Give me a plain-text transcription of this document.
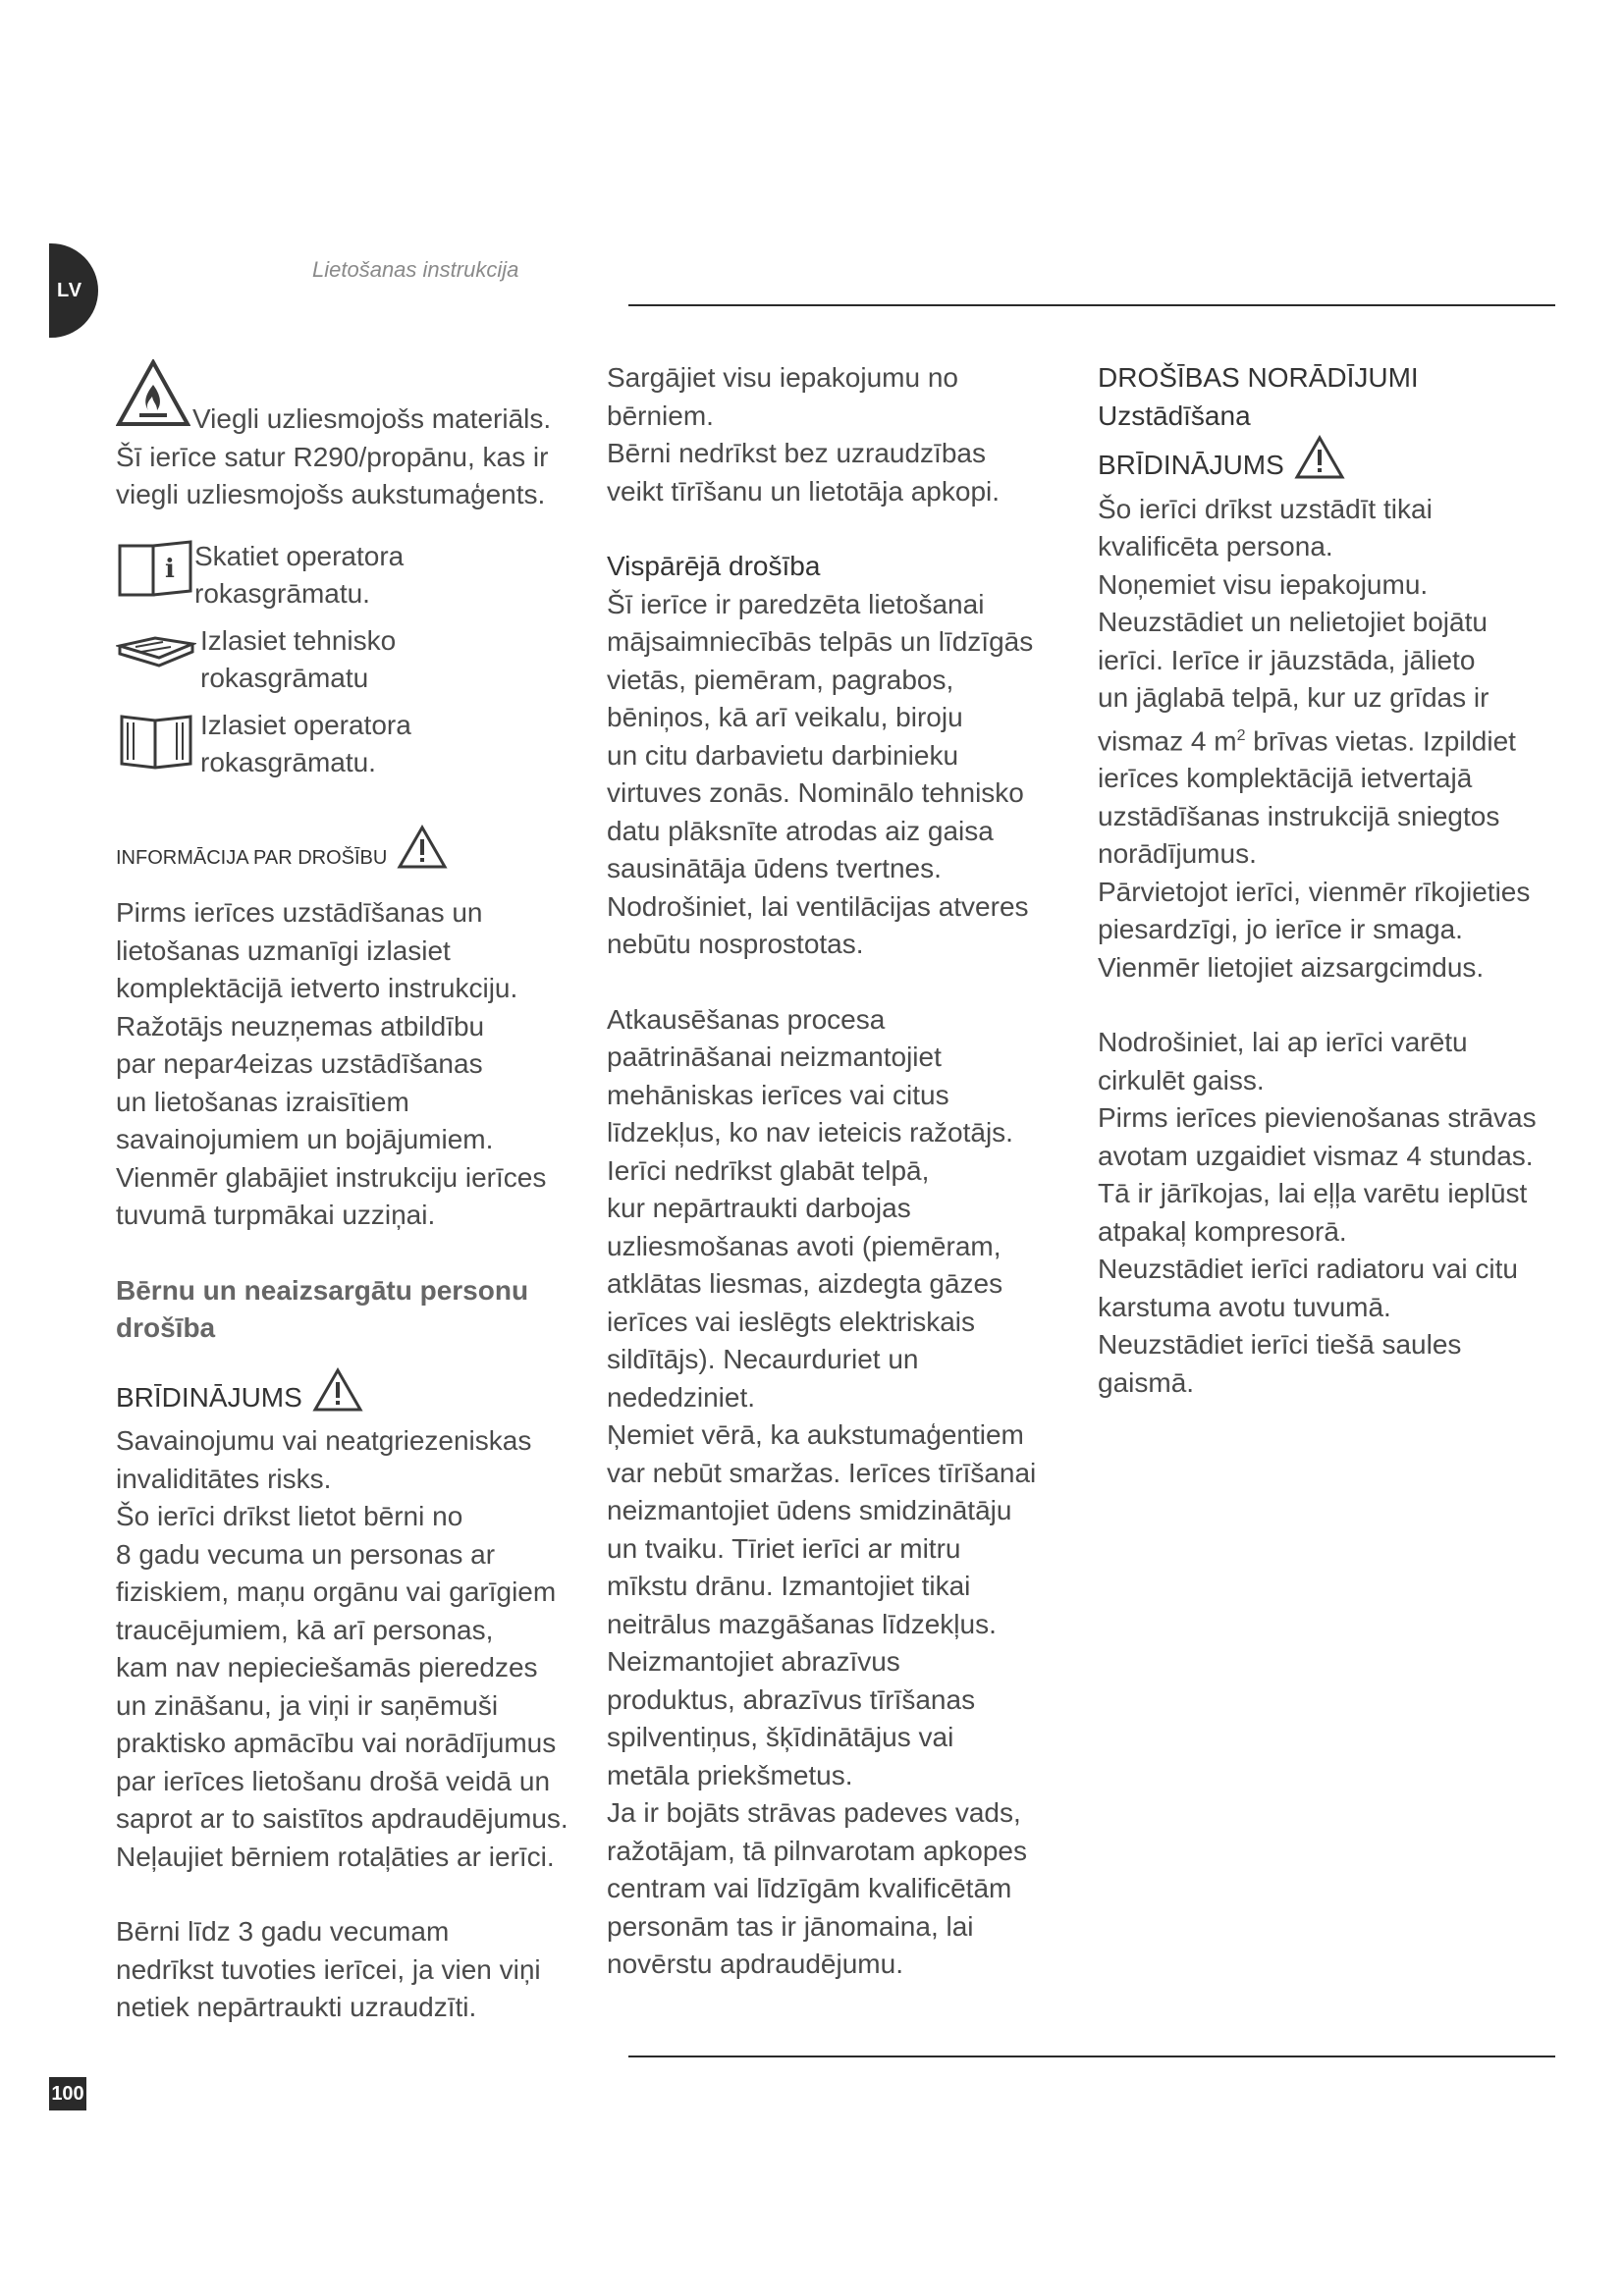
LV
Lietošanas instrukcija

Viegli uzliesmojošs materiāls.

Šī ierīce satur R290/propānu, kas ir
viegli uzliesmojošs aukstumaģents.

i Skatiet operatora
rokasgrāmatu.

Izlasiet tehnisko
rokasgrāmatu

Izlasiet operatora
rokasgrāmatu.

INFORMĀCIJA PAR DROŠĪBU

Pirms ierīces uzstādīšanas un
lietošanas uzmanīgi izlasiet
komplektācijā ietverto instrukciju.
Ražotājs neuzņemas atbildību
par nepar4eizas uzstādīšanas
un lietošanas izraisītiem
savainojumiem un bojājumiem.
Vienmēr glabājiet instrukciju ierīces
tuvumā turpmākai uzziņai.

Bērnu un neaizsargātu personu
drošība

BRĪDINĀJUMS

Savainojumu vai neatgriezeniskas
invaliditātes risks.
Šo ierīci drīkst lietot bērni no
8 gadu vecuma un personas ar
fiziskiem, maņu orgānu vai garīgiem
traucējumiem, kā arī personas,
kam nav nepieciešamās pieredzes
un zināšanu, ja viņi ir saņēmuši
praktisko apmācību vai norādījumus
par ierīces lietošanu drošā veidā un
saprot ar to saistītos apdraudējumus.
Neļaujiet bērniem rotaļāties ar ierīci.

Bērni līdz 3 gadu vecumam
nedrīkst tuvoties ierīcei, ja vien viņi
netiek nepārtraukti uzraudzīti.

Sargājiet visu iepakojumu no
bērniem.
Bērni nedrīkst bez uzraudzības
veikt tīrīšanu un lietotāja apkopi.

Vispārējā drošība

Šī ierīce ir paredzēta lietošanai
mājsaimniecībās telpās un līdzīgās
vietās, piemēram, pagrabos,
bēniņos, kā arī veikalu, biroju
un citu darbavietu darbinieku
virtuves zonās. Nominālo tehnisko
datu plāksnīte atrodas aiz gaisa
sausinātāja ūdens tvertnes.
Nodrošiniet, lai ventilācijas atveres
nebūtu nosprostotas.

Atkausēšanas procesa
paātrināšanai neizmantojiet
mehāniskas ierīces vai citus
līdzekļus, ko nav ieteicis ražotājs.
Ierīci nedrīkst glabāt telpā,
kur nepārtraukti darbojas
uzliesmošanas avoti (piemēram,
atklātas liesmas, aizdegta gāzes
ierīces vai ieslēgts elektriskais
sildītājs). Necaurduriet un
nededziniet.
Ņemiet vērā, ka aukstumaģentiem
var nebūt smaržas. Ierīces tīrīšanai
neizmantojiet ūdens smidzinātāju
un tvaiku. Tīriet ierīci ar mitru
mīkstu drānu. Izmantojiet tikai
neitrālus mazgāšanas līdzekļus.
Neizmantojiet abrazīvus
produktus, abrazīvus tīrīšanas
spilventiņus, šķīdinātājus vai
metāla priekšmetus.
Ja ir bojāts strāvas padeves vads,
ražotājam, tā pilnvarotam apkopes
centram vai līdzīgām kvalificētām
personām tas ir jānomaina, lai
novērstu apdraudējumu.

DROŠĪBAS NORĀDĪJUMI

Uzstādīšana

BRĪDINĀJUMS

Šo ierīci drīkst uzstādīt tikai
kvalificēta persona.
Noņemiet visu iepakojumu.
Neuzstādiet un nelietojiet bojātu
ierīci. Ierīce ir jāuzstāda, jālieto
un jāglabā telpā, kur uz grīdas ir
vismaz 4 $m^2$ brīvas vietas. Izpildiet
ierīces komplektācijā ietvertajā
uzstādīšanas instrukcijā sniegtos
norādījumus.
Pārvietojot ierīci, vienmēr rīkojieties
piesardzīgi, jo ierīce ir smaga.
Vienmēr lietojiet aizsargcimdus.

Nodrošiniet, lai ap ierīci varētu
cirkulēt gaiss.
Pirms ierīces pievienošanas strāvas
avotam uzgaidiet vismaz 4 stundas.
Tā ir jārīkojas, lai eļļa varētu ieplūst
atpakaļ kompresorā.
Neuzstādiet ierīci radiatoru vai citu
karstuma avotu tuvumā.
Neuzstādiet ierīci tiešā saules
gaismā.

100
